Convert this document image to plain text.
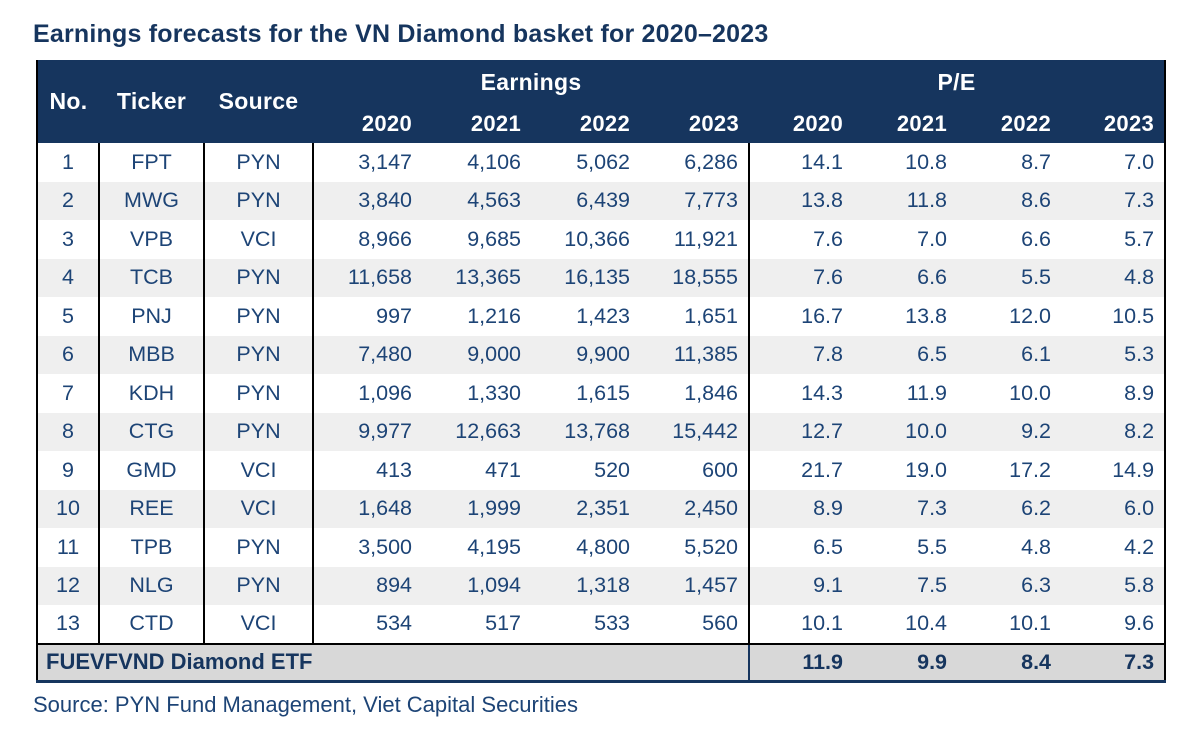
Earnings forecasts for the VN Diamond basket for 2020–2023
No.	Ticker	Source	Earnings				P/E			
			2020	2021	2022	2023	2020	2021	2022	2023
1	FPT	PYN	3,147	4,106	5,062	6,286	14.1	10.8	8.7	7.0
2	MWG	PYN	3,840	4,563	6,439	7,773	13.8	11.8	8.6	7.3
3	VPB	VCI	8,966	9,685	10,366	11,921	7.6	7.0	6.6	5.7
4	TCB	PYN	11,658	13,365	16,135	18,555	7.6	6.6	5.5	4.8
5	PNJ	PYN	997	1,216	1,423	1,651	16.7	13.8	12.0	10.5
6	MBB	PYN	7,480	9,000	9,900	11,385	7.8	6.5	6.1	5.3
7	KDH	PYN	1,096	1,330	1,615	1,846	14.3	11.9	10.0	8.9
8	CTG	PYN	9,977	12,663	13,768	15,442	12.7	10.0	9.2	8.2
9	GMD	VCI	413	471	520	600	21.7	19.0	17.2	14.9
10	REE	VCI	1,648	1,999	2,351	2,450	8.9	7.3	6.2	6.0
11	TPB	PYN	3,500	4,195	4,800	5,520	6.5	5.5	4.8	4.2
12	NLG	PYN	894	1,094	1,318	1,457	9.1	7.5	6.3	5.8
13	CTD	VCI	534	517	533	560	10.1	10.4	10.1	9.6
FUEVFVND Diamond ETF							11.9	9.9	8.4	7.3
Source: PYN Fund Management, Viet Capital Securities
